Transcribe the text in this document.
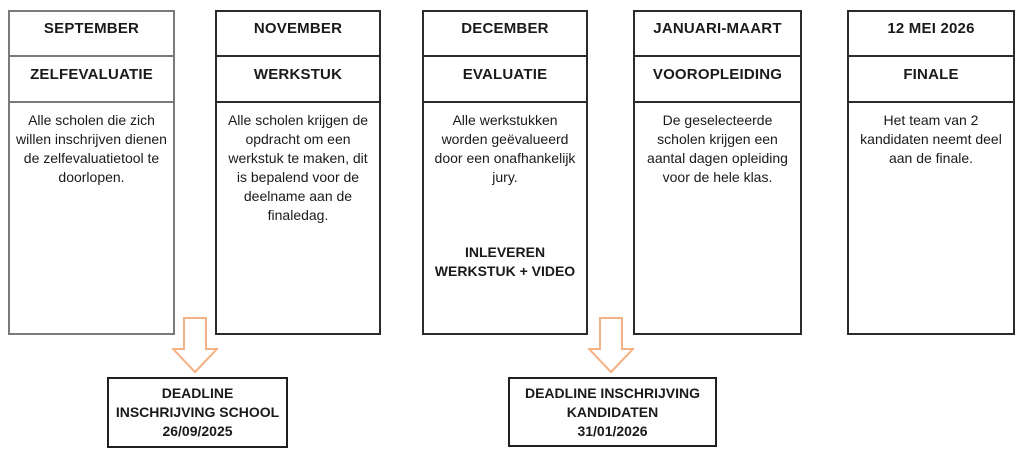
SEPTEMBER
ZELFEVALUATIE
Alle scholen die zich willen inschrijven dienen de zelfevaluatietool te doorlopen.
NOVEMBER
WERKSTUK
Alle scholen krijgen de opdracht om een werkstuk te maken, dit is bepalend voor de deelname aan de finaledag.
DECEMBER
EVALUATIE
Alle werkstukken worden geëvalueerd door een onafhankelijk jury.
INLEVEREN WERKSTUK + VIDEO
JANUARI-MAART
VOOROPLEIDING
De geselecteerde scholen krijgen een aantal dagen opleiding voor de hele klas.
12 MEI 2026
FINALE
Het team van 2 kandidaten neemt deel aan de finale.
DEADLINE
INSCHRIJVING SCHOOL
26/09/2025
DEADLINE INSCHRIJVING
KANDIDATEN
31/01/2026
